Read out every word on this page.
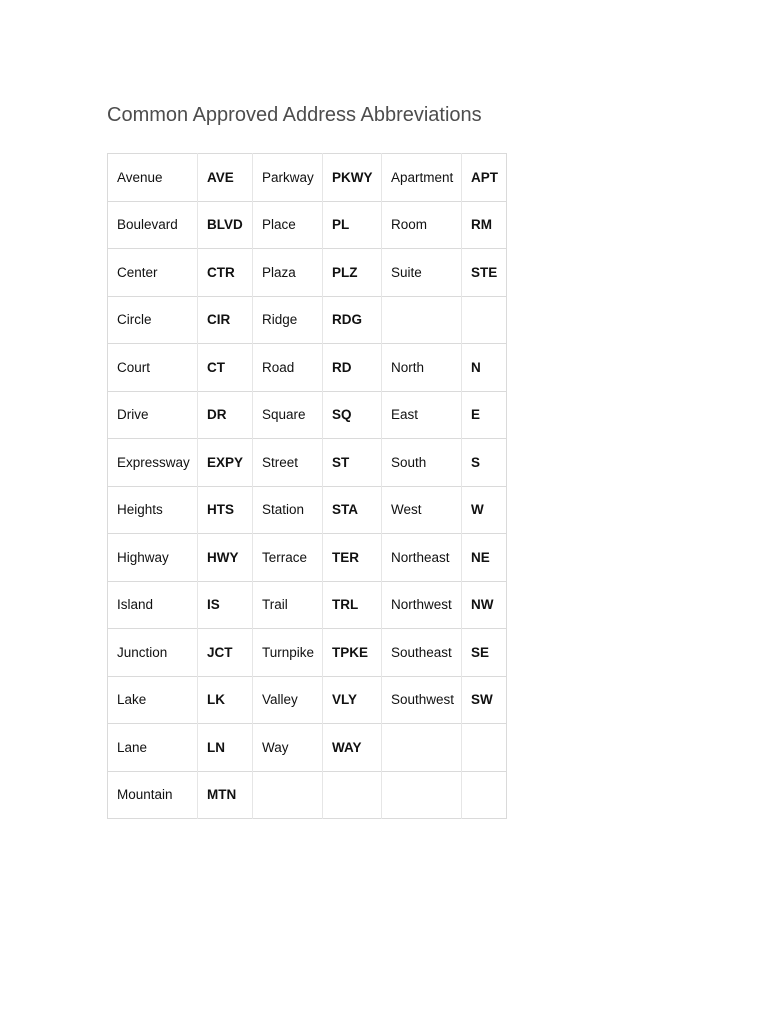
Common Approved Address Abbreviations
Avenue	AVE	Parkway	PKWY	Apartment	APT
Boulevard	BLVD	Place	PL	Room	RM
Center	CTR	Plaza	PLZ	Suite	STE
Circle	CIR	Ridge	RDG		
Court	CT	Road	RD	North	N
Drive	DR	Square	SQ	East	E
Expressway	EXPY	Street	ST	South	S
Heights	HTS	Station	STA	West	W
Highway	HWY	Terrace	TER	Northeast	NE
Island	IS	Trail	TRL	Northwest	NW
Junction	JCT	Turnpike	TPKE	Southeast	SE
Lake	LK	Valley	VLY	Southwest	SW
Lane	LN	Way	WAY		
Mountain	MTN				
